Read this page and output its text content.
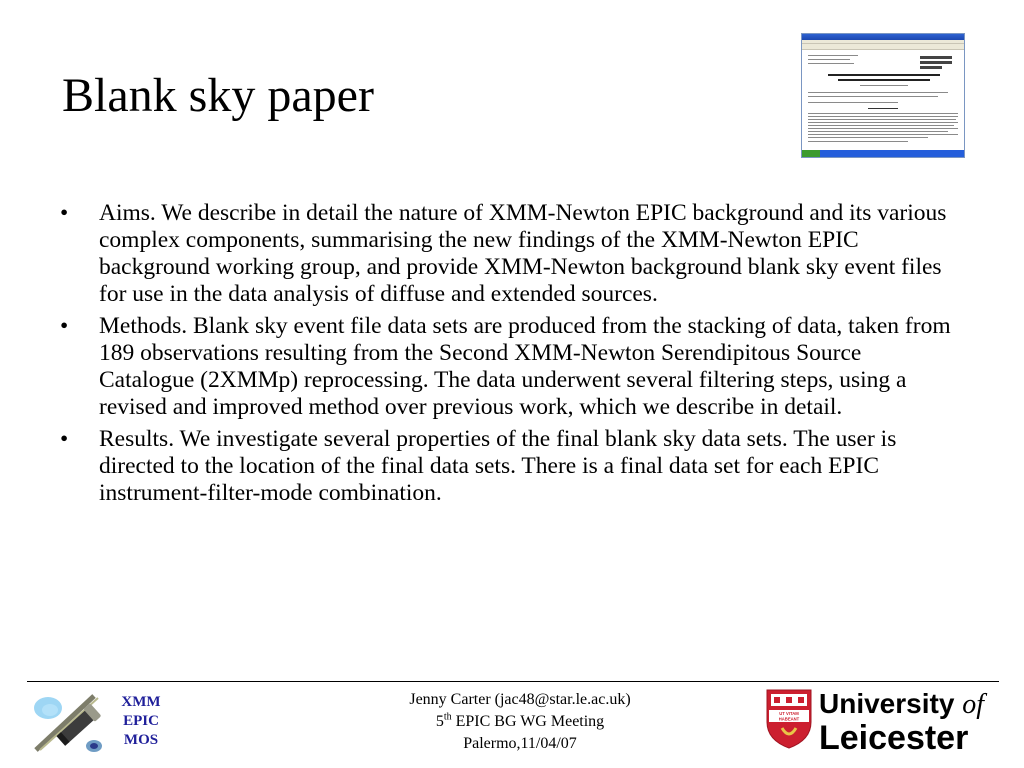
Blank sky paper
• Aims. We describe in detail the nature of XMM-Newton EPIC background and its various complex components, summarising the new findings of the XMM-Newton EPIC background working group, and provide XMM-Newton background blank sky event files for use in the data analysis of diffuse and extended sources.
• Methods. Blank sky event file data sets are produced from the stacking of data, taken from 189 observations resulting from the Second XMM-Newton Serendipitous Source Catalogue (2XMMp) reprocessing. The data underwent several filtering steps, using a revised and improved method over previous work, which we describe in detail.
• Results. We investigate several properties of the final blank sky data sets. The user is directed to the location of the final data sets. There is a final data set for each EPIC instrument-filter-mode combination.
XMM
EPIC
MOS
Jenny Carter (jac48@star.le.ac.uk)
5th EPIC BG WG Meeting
Palermo,11/04/07
UT VITAM
HABEANT University of
Leicester
